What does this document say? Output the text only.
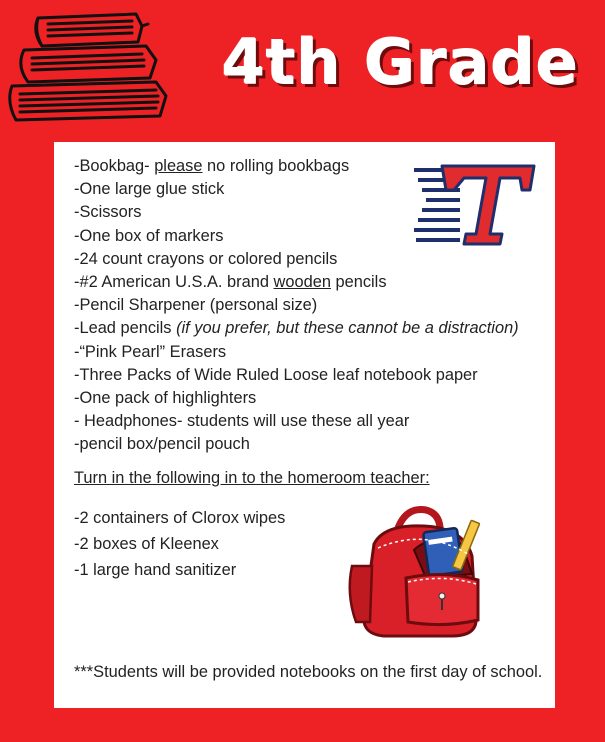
4th Grade
-Bookbag- please no rolling bookbags
-One large glue stick
-Scissors
-One box of markers
-24 count crayons or colored pencils
-#2 American U.S.A. brand wooden pencils
-Pencil Sharpener (personal size)
-Lead pencils (if you prefer, but these cannot be a distraction)
-“Pink Pearl” Erasers
-Three Packs of Wide Ruled Loose leaf notebook paper
-One pack of highlighters
- Headphones- students will use these all year
-pencil box/pencil pouch
Turn in the following in to the homeroom teacher:
-2 containers of Clorox wipes
-2 boxes of Kleenex
-1 large hand sanitizer
***Students will be provided notebooks on the first day of school.
